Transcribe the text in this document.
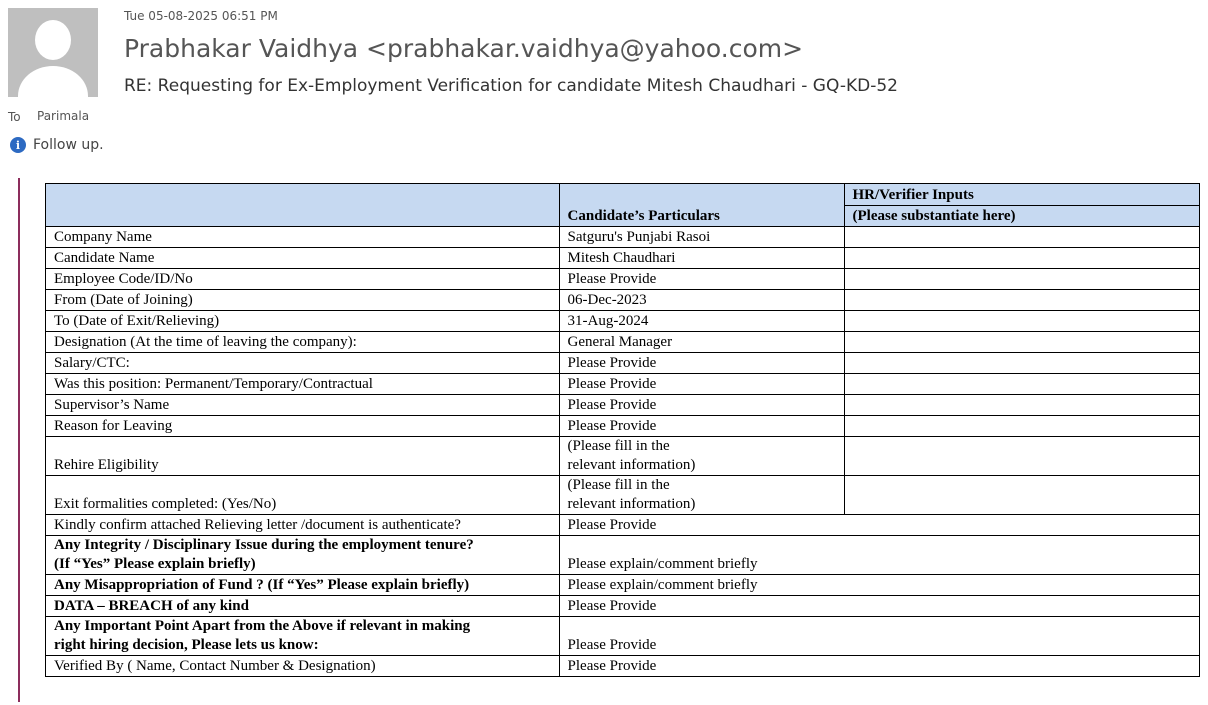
Tue 05-08-2025 06:51 PM
Prabhakar Vaidhya <prabhakar.vaidhya@yahoo.com>
RE: Requesting for Ex-Employment Verification for candidate Mitesh Chaudhari - GQ-KD-52
To Parimala
i Follow up.
	Candidate’s Particulars	HR/Verifier Inputs
		(Please substantiate here)
Company Name	Satguru's Punjabi Rasoi	
Candidate Name	Mitesh Chaudhari	
Employee Code/ID/No	Please Provide	
From (Date of Joining)	06-Dec-2023	
To (Date of Exit/Relieving)	31-Aug-2024	
Designation (At the time of leaving the company):	General Manager	
Salary/CTC:	Please Provide	
Was this position: Permanent/Temporary/Contractual	Please Provide	
Supervisor’s Name	Please Provide	
Reason for Leaving	Please Provide	
Rehire Eligibility	(Please fill in the
relevant information)	
Exit formalities completed: (Yes/No)	(Please fill in the
relevant information)	
Kindly confirm attached Relieving letter /document is authenticate?	Please Provide	
Any Integrity / Disciplinary Issue during the employment tenure?
(If “Yes” Please explain briefly)	Please explain/comment briefly	
Any Misappropriation of Fund ? (If “Yes” Please explain briefly)	Please explain/comment briefly	
DATA – BREACH of any kind	Please Provide	
Any Important Point Apart from the Above if relevant in making
right hiring decision, Please lets us know:	Please Provide	
Verified By ( Name, Contact Number & Designation)	Please Provide	
